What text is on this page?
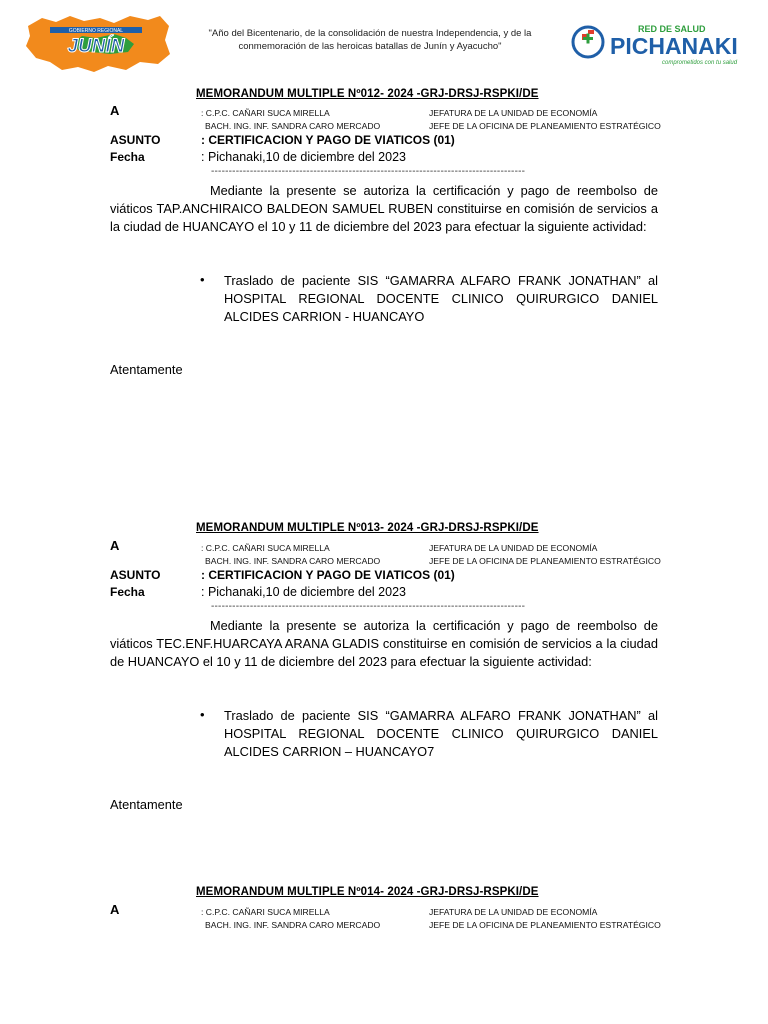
GOBIERNO REGIONAL
JUNÍN
"Año del Bicentenario, de la consolidación de nuestra Independencia, y de la conmemoración de las heroicas batallas de Junín y Ayacucho"
RED DE SALUD
PICHANAKI
comprometidos con tu salud
MEMORANDUM MULTIPLE Nº012- 2024 -GRJ-DRSJ-RSPKI/DE
A	: C.P.C. CAÑARI SUCA MIRELLA	JEFATURA DE LA UNIDAD DE ECONOMÍA
BACH. ING. INF. SANDRA CARO MERCADO	JEFE DE LA OFICINA DE PLANEAMIENTO ESTRATÉGICO
ASUNTO	: CERTIFICACION Y PAGO DE VIATICOS (01)
Fecha	: Pichanaki,10 de diciembre del 2023
-----------------------------------------------------------------------------------------
Mediante la presente se autoriza la certificación y pago de reembolso de viáticos TAP.ANCHIRAICO BALDEON SAMUEL RUBEN constituirse en comisión de servicios a la ciudad de HUANCAYO el 10 y 11 de diciembre del 2023 para efectuar la siguiente actividad:
• Traslado de paciente SIS “GAMARRA ALFARO FRANK JONATHAN” al HOSPITAL REGIONAL DOCENTE CLINICO QUIRURGICO DANIEL ALCIDES CARRION - HUANCAYO
Atentamente
MEMORANDUM MULTIPLE Nº013- 2024 -GRJ-DRSJ-RSPKI/DE
A	: C.P.C. CAÑARI SUCA MIRELLA	JEFATURA DE LA UNIDAD DE ECONOMÍA
BACH. ING. INF. SANDRA CARO MERCADO	JEFE DE LA OFICINA DE PLANEAMIENTO ESTRATÉGICO
ASUNTO	: CERTIFICACION Y PAGO DE VIATICOS (01)
Fecha	: Pichanaki,10 de diciembre del 2023
-----------------------------------------------------------------------------------------
Mediante la presente se autoriza la certificación y pago de reembolso de viáticos TEC.ENF.HUARCAYA ARANA GLADIS constituirse en comisión de servicios a la ciudad de HUANCAYO el 10 y 11 de diciembre del 2023 para efectuar la siguiente actividad:
• Traslado de paciente SIS “GAMARRA ALFARO FRANK JONATHAN” al HOSPITAL REGIONAL DOCENTE CLINICO QUIRURGICO DANIEL ALCIDES CARRION – HUANCAYO7
Atentamente
MEMORANDUM MULTIPLE Nº014- 2024 -GRJ-DRSJ-RSPKI/DE
A	: C.P.C. CAÑARI SUCA MIRELLA	JEFATURA DE LA UNIDAD DE ECONOMÍA
BACH. ING. INF. SANDRA CARO MERCADO	JEFE DE LA OFICINA DE PLANEAMIENTO ESTRATÉGICO
